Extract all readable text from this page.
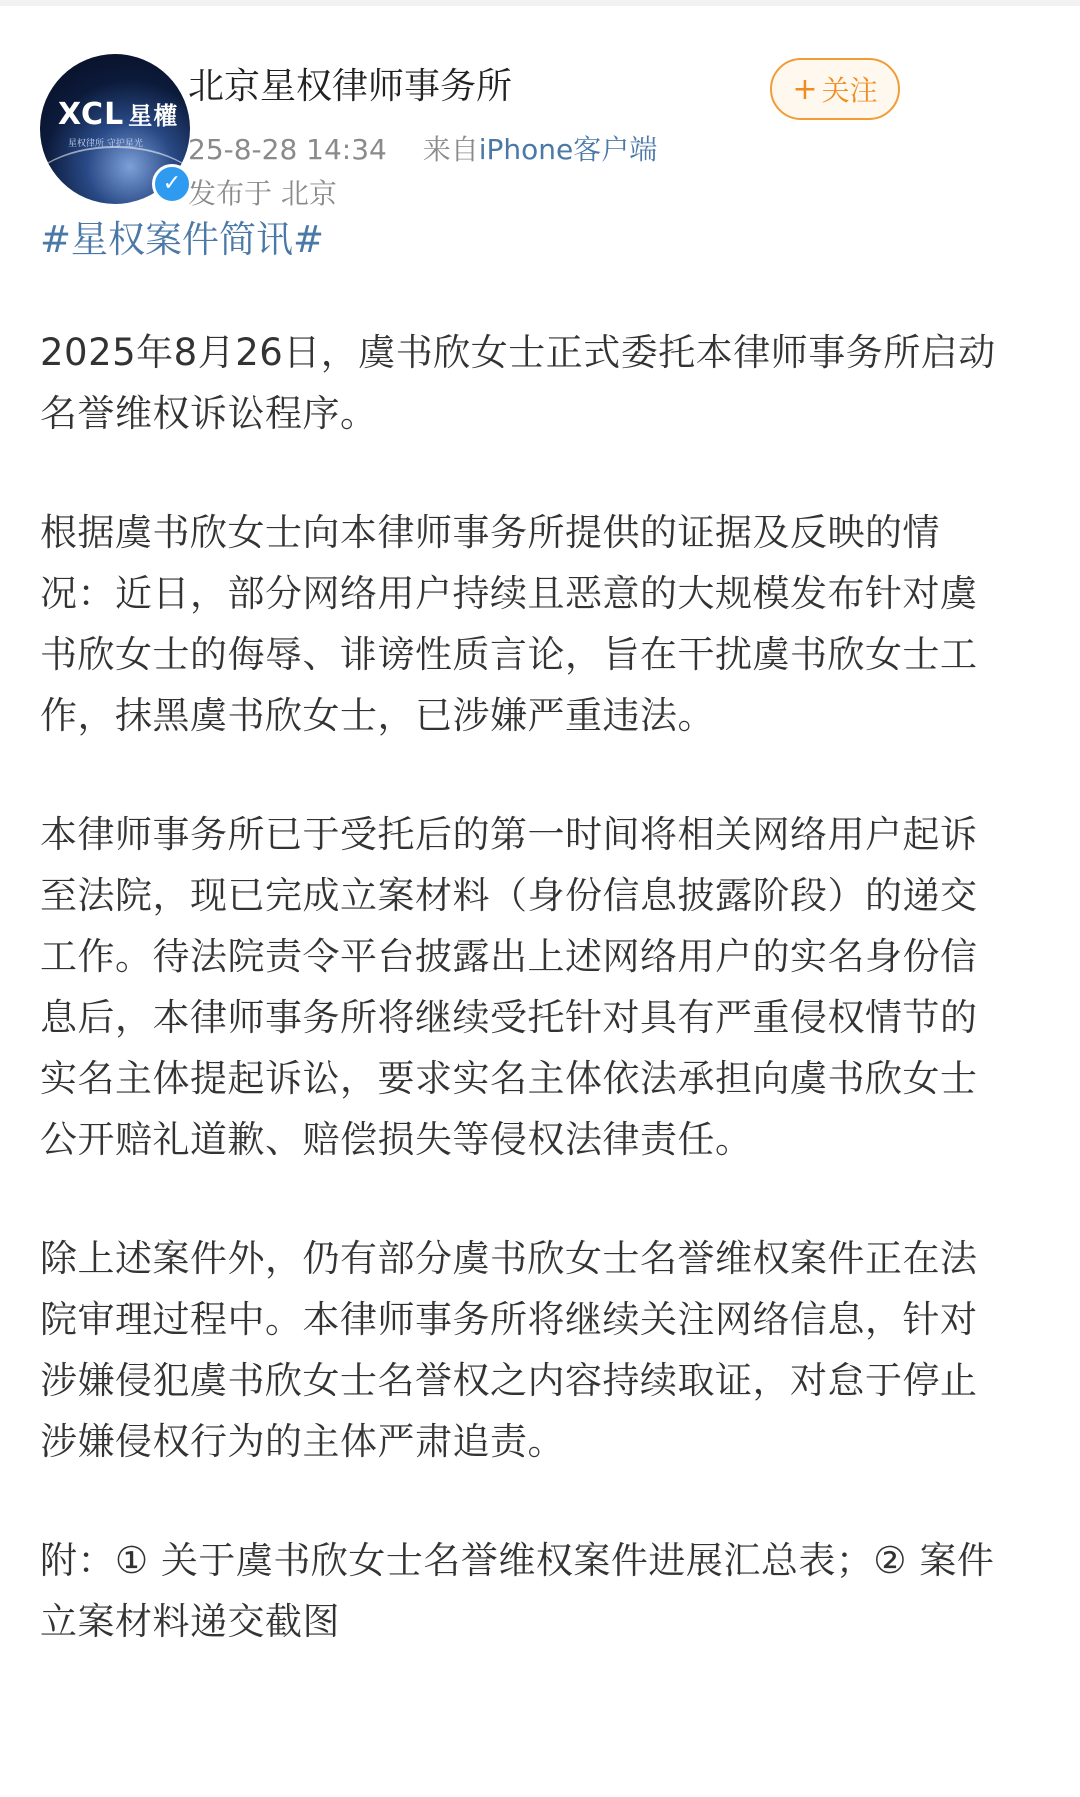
XCL 星權
星权律所 守护星光
✓
北京星权律师事务所
25-8-28 14:34 来自iPhone客户端
发布于 北京
+ 关注
#星权案件简讯#

2025年8月26日，虞书欣女士正式委托本律师事务所启动名誉维权诉讼程序。

根据虞书欣女士向本律师事务所提供的证据及反映的情况：近日，部分网络用户持续且恶意的大规模发布针对虞书欣女士的侮辱、诽谤性质言论，旨在干扰虞书欣女士工作，抹黑虞书欣女士，已涉嫌严重违法。

本律师事务所已于受托后的第一时间将相关网络用户起诉至法院，现已完成立案材料（身份信息披露阶段）的递交工作。待法院责令平台披露出上述网络用户的实名身份信息后，本律师事务所将继续受托针对具有严重侵权情节的实名主体提起诉讼，要求实名主体依法承担向虞书欣女士公开赔礼道歉、赔偿损失等侵权法律责任。

除上述案件外，仍有部分虞书欣女士名誉维权案件正在法院审理过程中。本律师事务所将继续关注网络信息，针对涉嫌侵犯虞书欣女士名誉权之内容持续取证，对怠于停止涉嫌侵权行为的主体严肃追责。

附：① 关于虞书欣女士名誉维权案件进展汇总表；② 案件立案材料递交截图
